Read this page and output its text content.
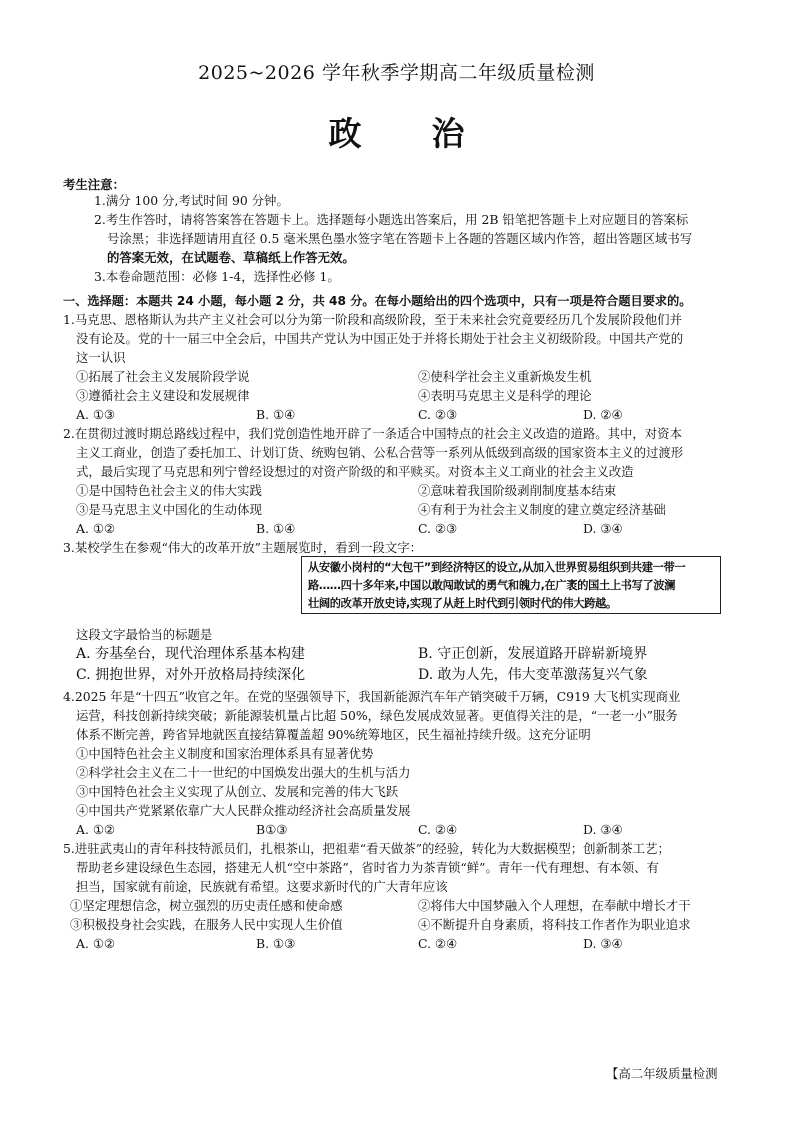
2025~2026 学年秋季学期高二年级质量检测
政治
考生注意：
1.满分 100 分,考试时间 90 分钟。
2.考生作答时，请将答案答在答题卡上。选择题每小题选出答案后，用 2B 铅笔把答题卡上对应题目的答案标
号涂黑；非选择题请用直径 0.5 毫米黑色墨水签字笔在答题卡上各题的答题区域内作答，超出答题区域书写
的答案无效，在试题卷、草稿纸上作答无效。
3.本卷命题范围：必修 1-4，选择性必修 1。
一、选择题：本题共 24 小题，每小题 2 分，共 48 分。在每小题给出的四个选项中，只有一项是符合题目要求的。
1.马克思、恩格斯认为共产主义社会可以分为第一阶段和高级阶段，至于未来社会究竟要经历几个发展阶段他们并
没有论及。党的十一届三中全会后，中国共产党认为中国正处于并将长期处于社会主义初级阶段。中国共产党的
这一认识
①拓展了社会主义发展阶段学说	②使科学社会主义重新焕发生机
③遵循社会主义建设和发展规律	④表明马克思主义是科学的理论
A. ①③	B. ①④	C. ②③	D. ②④
2.在贯彻过渡时期总路线过程中，我们党创造性地开辟了一条适合中国特点的社会主义改造的道路。其中，对资本
主义工商业，创造了委托加工、计划订货、统购包销、公私合营等一系列从低级到高级的国家资本主义的过渡形
式，最后实现了马克思和列宁曾经设想过的对资产阶级的和平赎买。对资本主义工商业的社会主义改造
①是中国特色社会主义的伟大实践	②意味着我国阶级剥削制度基本结束
③是马克思主义中国化的生动体现	④有利于为社会主义制度的建立奠定经济基础
A. ①②	B. ①④	C. ②③	D. ③④
3.某校学生在参观“伟大的改革开放”主题展览时，看到一段文字：
从安徽小岗村的“大包干”到经济特区的设立,从加入世界贸易组织到共建一带一
路……四十多年来,中国以敢闯敢试的勇气和魄力,在广袤的国土上书写了波澜
壮阔的改革开放史诗,实现了从赶上时代到引领时代的伟大跨越。
这段文字最恰当的标题是
A. 夯基垒台，现代治理体系基本构建	B. 守正创新，发展道路开辟崭新境界
C. 拥抱世界，对外开放格局持续深化	D. 敢为人先，伟大变革激荡复兴气象
4.2025 年是“十四五”收官之年。在党的坚强领导下，我国新能源汽车年产销突破千万辆，C919 大飞机实现商业
运营，科技创新持续突破；新能源装机量占比超 50%，绿色发展成效显著。更值得关注的是，“一老一小”服务
体系不断完善，跨省异地就医直接结算覆盖超 90%统筹地区，民生福祉持续升级。这充分证明
①中国特色社会主义制度和国家治理体系具有显著优势
②科学社会主义在二十一世纪的中国焕发出强大的生机与活力
③中国特色社会主义实现了从创立、发展和完善的伟大飞跃
④中国共产党紧紧依靠广大人民群众推动经济社会高质量发展
A. ①②	B①③	C. ②④	D. ③④
5.进驻武夷山的青年科技特派员们，扎根茶山，把祖辈“看天做茶”的经验，转化为大数据模型；创新制茶工艺；
帮助老乡建设绿色生态园，搭建无人机“空中茶路”，省时省力为茶青锁“鲜”。青年一代有理想、有本领、有
担当，国家就有前途，民族就有希望。这要求新时代的广大青年应该
①坚定理想信念，树立强烈的历史责任感和使命感	②将伟大中国梦融入个人理想，在奉献中增长才干
③积极投身社会实践，在服务人民中实现人生价值	④不断提升自身素质，将科技工作者作为职业追求
A. ①②	B. ①③	C. ②④	D. ③④
【高二年级质量检测
